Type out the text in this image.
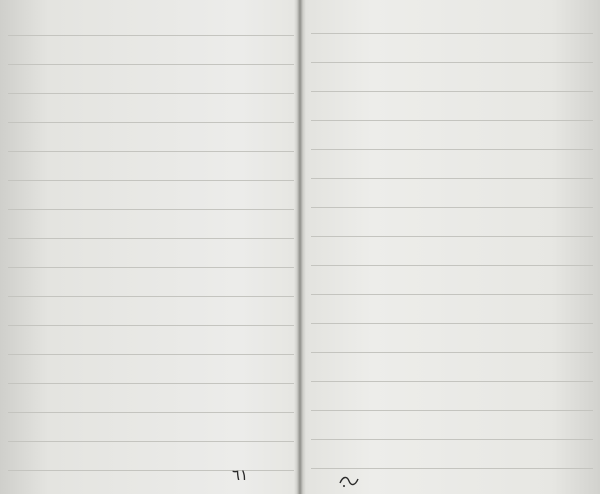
٦١
